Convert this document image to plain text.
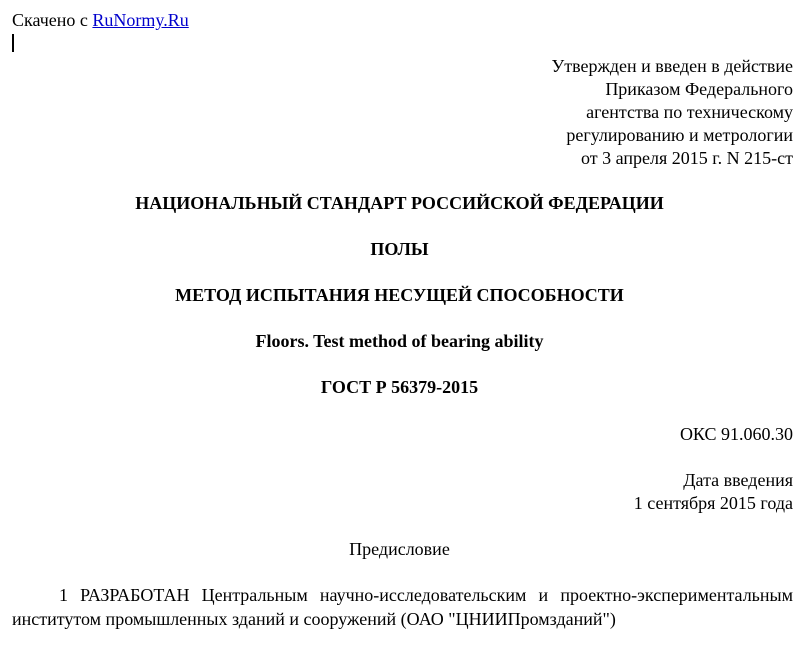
Скачено с RuNormy.Ru
Утвержден и введен в действие
Приказом Федерального
агентства по техническому
регулированию и метрологии
от 3 апреля 2015 г. N 215-ст
НАЦИОНАЛЬНЫЙ СТАНДАРТ РОССИЙСКОЙ ФЕДЕРАЦИИ
ПОЛЫ
МЕТОД ИСПЫТАНИЯ НЕСУЩЕЙ СПОСОБНОСТИ
Floors. Test method of bearing ability
ГОСТ Р 56379-2015
ОКС 91.060.30
Дата введения
1 сентября 2015 года
Предисловие
1 РАЗРАБОТАН Центральным научно-исследовательским и проектно-экспериментальным институтом промышленных зданий и сооружений (ОАО "ЦНИИПромзданий")
